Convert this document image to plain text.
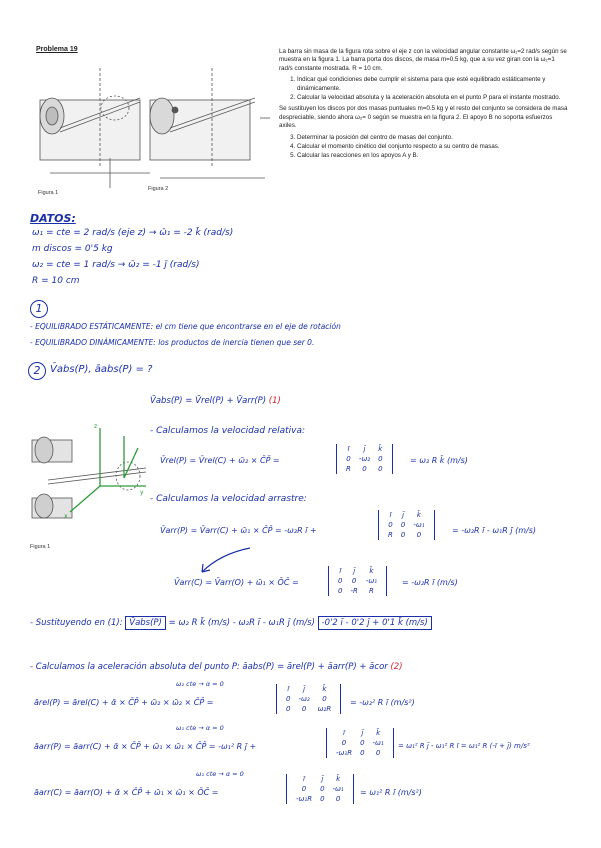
Problema 19
Figura 1
Figura 2

La barra sin masa de la figura rota sobre el eje z con la velocidad angular constante ω₁=2 rad/s según se muestra en la figura 1. La barra porta dos discos, de masa m=0.5 kg, que a su vez giran con la ω₂=1 rad/s constante mostrada. R = 10 cm.

1. Indicar qué condiciones debe cumplir el sistema para que esté equilibrado estáticamente y dinámicamente.
2. Calcular la velocidad absoluta y la aceleración absoluta en el punto P para el instante mostrado.

Se sustituyen los discos por dos masas puntuales m=0.5 kg y el resto del conjunto se considera de masa despreciable, siendo ahora ω₂= 0 según se muestra en la figura 2. El apoyo B no soporta esfuerzos axiles.

3. Determinar la posición del centro de masas del conjunto.
4. Calcular el momento cinético del conjunto respecto a su centro de masas.
5. Calcular las reacciones en los apoyos A y B.
DATOS:
ω₁ = cte = 2 rad/s (eje z) → ω̄₁ = -2 k̄ (rad/s)
m discos = 0'5 kg
ω₂ = cte = 1 rad/s → ω̄₂ = -1 j̄ (rad/s)
R = 10 cm
1
- EQUILIBRADO ESTÁTICAMENTE: el cm tiene que encontrarse en el eje de rotación
- EQUILIBRADO DINÁMICAMENTE: los productos de inercia tienen que ser 0.
2 V̄abs(P), āabs(P) = ?
V̄abs(P) = V̄rel(P) + V̄arr(P) (1)
z
y
x
Figura 1
- Calculamos la velocidad relativa:
V̄rel(P) = V̄rel(C) + ω̄₂ × C̄P̄ =
ī	ȷ̄	k̄
0	-ω₂	0
R	0	0
= ω₂ R k̄ (m/s)
- Calculamos la velocidad arrastre:
V̄arr(P) = V̄arr(C) + ω̄₁ × C̄P̄ = -ω₂R ī +
ī	ȷ̄	k̄
0	0	-ω₁
R	0	0	= -ω₂R ī - ω₁R ȷ̄ (m/s)
V̄arr(C) = V̄arr(O) + ω̄₁ × ŌC̄ =
ī	ȷ̄	k̄
0	0	-ω₁
0	-R	R
= -ω₂R ī (m/s)
- Sustituyendo en (1): V̄abs(P) = ω₂ R k̄ (m/s) - ω₂R ī - ω₁R ȷ̄ (m/s) -0'2 ī - 0'2 ȷ̄ + 0'1 k̄ (m/s)
- Calculamos la aceleración absoluta del punto P: āabs(P) = ārel(P) + āarr(P) + ācor (2)
ω₂ cte → α = 0
ārel(P) = ārel(C) + ᾱ × C̄P̄ + ω̄₂ × ω̄₂ × C̄P̄ =
ī	ȷ̄	k̄
0	-ω₂	0
0	0	ω₂R
= -ω₂² R ī (m/s²)
ω₁ cte → α = 0
āarr(P) = āarr(C) + ᾱ × C̄P̄ + ω̄₁ × ω̄₁ × C̄P̄ = -ω₁² R ȷ̄ +
ī	ȷ̄	k̄
0	0	-ω₁
-ω₁R	0	0
= ω₁² R ȷ̄ - ω₁² R ī = ω₁² R (-ī + ȷ̄) m/s²
ω₁ cte → α = 0
āarr(C) = āarr(O) + ᾱ × C̄P̄ + ω̄₁ × ω̄₁ × ŌC̄ =
ī	ȷ̄	k̄
0	0	-ω₁
-ω₁R	0	0
= ω₁² R ī (m/s²)
